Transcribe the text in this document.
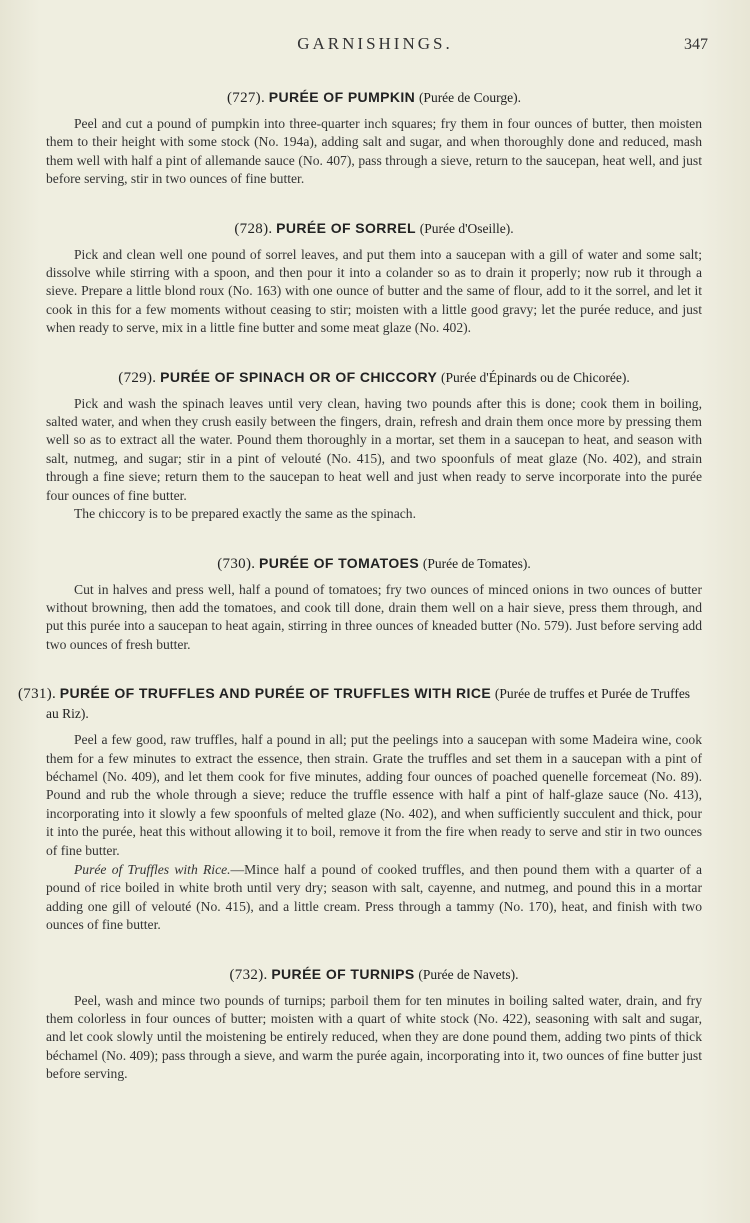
GARNISHINGS.	347
(727). PURÉE OF PUMPKIN (Purée de Courge).

Peel and cut a pound of pumpkin into three-quarter inch squares; fry them in four ounces of butter, then moisten them to their height with some stock (No. 194a), adding salt and sugar, and when thoroughly done and reduced, mash them well with half a pint of allemande sauce (No. 407), pass through a sieve, return to the saucepan, heat well, and just before serving, stir in two ounces of fine butter.

(728). PURÉE OF SORREL (Purée d'Oseille).

Pick and clean well one pound of sorrel leaves, and put them into a saucepan with a gill of water and some salt; dissolve while stirring with a spoon, and then pour it into a colander so as to drain it properly; now rub it through a sieve. Prepare a little blond roux (No. 163) with one ounce of butter and the same of flour, add to it the sorrel, and let it cook in this for a few moments without ceasing to stir; moisten with a little good gravy; let the purée reduce, and just when ready to serve, mix in a little fine butter and some meat glaze (No. 402).

(729). PURÉE OF SPINACH OR OF CHICCORY (Purée d'Épinards ou de Chicorée).

Pick and wash the spinach leaves until very clean, having two pounds after this is done; cook them in boiling, salted water, and when they crush easily between the fingers, drain, refresh and drain them once more by pressing them well so as to extract all the water. Pound them thoroughly in a mortar, set them in a saucepan to heat, and season with salt, nutmeg, and sugar; stir in a pint of velouté (No. 415), and two spoonfuls of meat glaze (No. 402), and strain through a fine sieve; return them to the saucepan to heat well and just when ready to serve incorporate into the purée four ounces of fine butter.

The chiccory is to be prepared exactly the same as the spinach.

(730). PURÉE OF TOMATOES (Purée de Tomates).

Cut in halves and press well, half a pound of tomatoes; fry two ounces of minced onions in two ounces of butter without browning, then add the tomatoes, and cook till done, drain them well on a hair sieve, press them through, and put this purée into a saucepan to heat again, stirring in three ounces of kneaded butter (No. 579). Just before serving add two ounces of fresh butter.

(731). PURÉE OF TRUFFLES AND PURÉE OF TRUFFLES WITH RICE (Purée de truffes et Purée de Truffes au Riz).

Peel a few good, raw truffles, half a pound in all; put the peelings into a saucepan with some Madeira wine, cook them for a few minutes to extract the essence, then strain. Grate the truffles and set them in a saucepan with a pint of béchamel (No. 409), and let them cook for five minutes, adding four ounces of poached quenelle forcemeat (No. 89). Pound and rub the whole through a sieve; reduce the truffle essence with half a pint of half-glaze sauce (No. 413), incorporating into it slowly a few spoonfuls of melted glaze (No. 402), and when sufficiently succulent and thick, pour it into the purée, heat this without allowing it to boil, remove it from the fire when ready to serve and stir in two ounces of fine butter.

Purée of Truffles with Rice.—Mince half a pound of cooked truffles, and then pound them with a quarter of a pound of rice boiled in white broth until very dry; season with salt, cayenne, and nutmeg, and pound this in a mortar adding one gill of velouté (No. 415), and a little cream. Press through a tammy (No. 170), heat, and finish with two ounces of fine butter.

(732). PURÉE OF TURNIPS (Purée de Navets).

Peel, wash and mince two pounds of turnips; parboil them for ten minutes in boiling salted water, drain, and fry them colorless in four ounces of butter; moisten with a quart of white stock (No. 422), seasoning with salt and sugar, and let cook slowly until the moistening be entirely reduced, when they are done pound them, adding two pints of thick béchamel (No. 409); pass through a sieve, and warm the purée again, incorporating into it, two ounces of fine butter just before serving.
